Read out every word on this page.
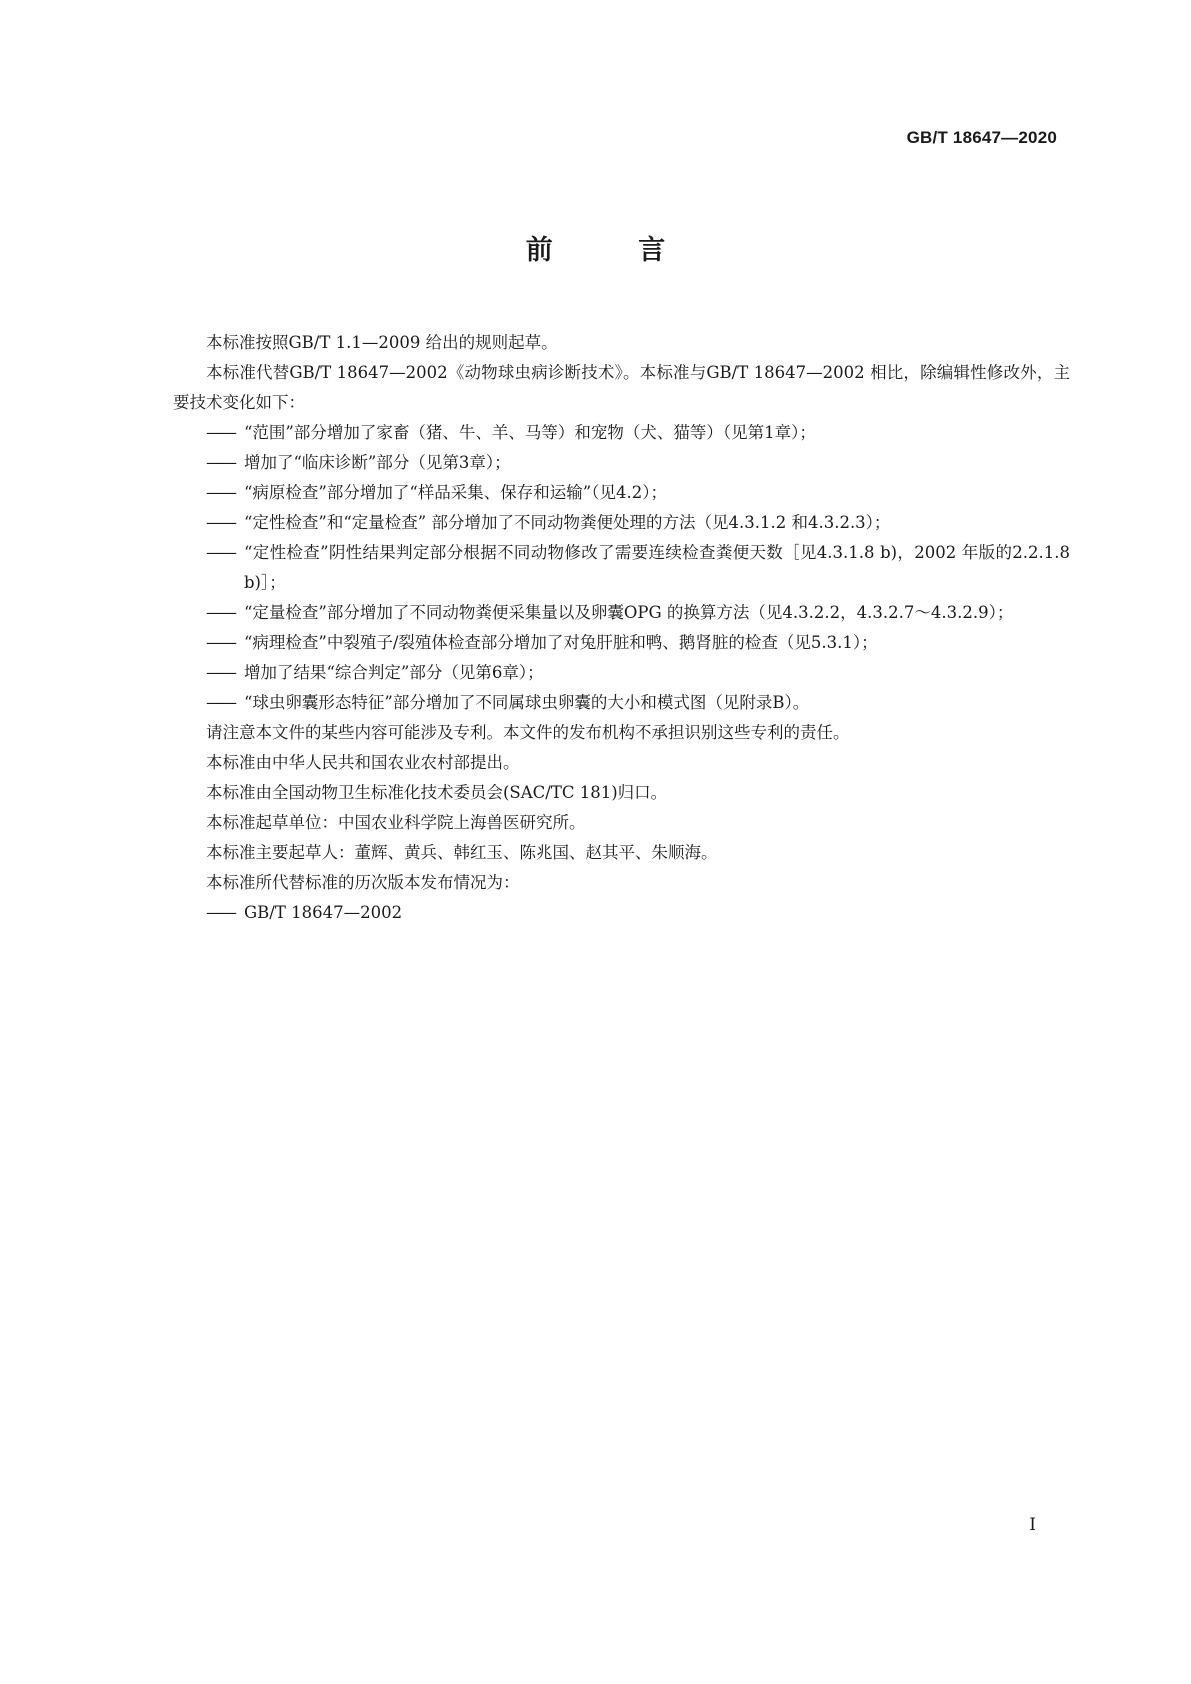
GB/T 18647—2020
前 言

本标准按照GB/T 1.1—2009 给出的规则起草。

本标准代替GB/T 18647—2002《动物球虫病诊断技术》。本标准与GB/T 18647—2002 相比，除编辑性修改外，主要技术变化如下：

—— “范围”部分增加了家畜（猪、牛、羊、马等）和宠物（犬、猫等）（见第1章）；

—— 增加了“临床诊断”部分（见第3章）；

—— “病原检查”部分增加了“样品采集、保存和运输”（见4.2）；

—— “定性检查”和“定量检查” 部分增加了不同动物粪便处理的方法（见4.3.1.2 和4.3.2.3）；

—— “定性检查”阴性结果判定部分根据不同动物修改了需要连续检查粪便天数［见4.3.1.8 b)，2002 年版的2.2.1.8 b)］；

—— “定量检查”部分增加了不同动物粪便采集量以及卵囊OPG 的换算方法（见4.3.2.2，4.3.2.7～4.3.2.9）；

—— “病理检查”中裂殖子/裂殖体检查部分增加了对兔肝脏和鸭、鹅肾脏的检查（见5.3.1）；

—— 增加了结果“综合判定”部分（见第6章）；

—— “球虫卵囊形态特征”部分增加了不同属球虫卵囊的大小和模式图（见附录B）。

请注意本文件的某些内容可能涉及专利。本文件的发布机构不承担识别这些专利的责任。

本标准由中华人民共和国农业农村部提出。

本标准由全国动物卫生标准化技术委员会(SAC/TC 181)归口。

本标准起草单位：中国农业科学院上海兽医研究所。

本标准主要起草人：董辉、黄兵、韩红玉、陈兆国、赵其平、朱顺海。

本标准所代替标准的历次版本发布情况为：

—— GB/T 18647—2002

I
